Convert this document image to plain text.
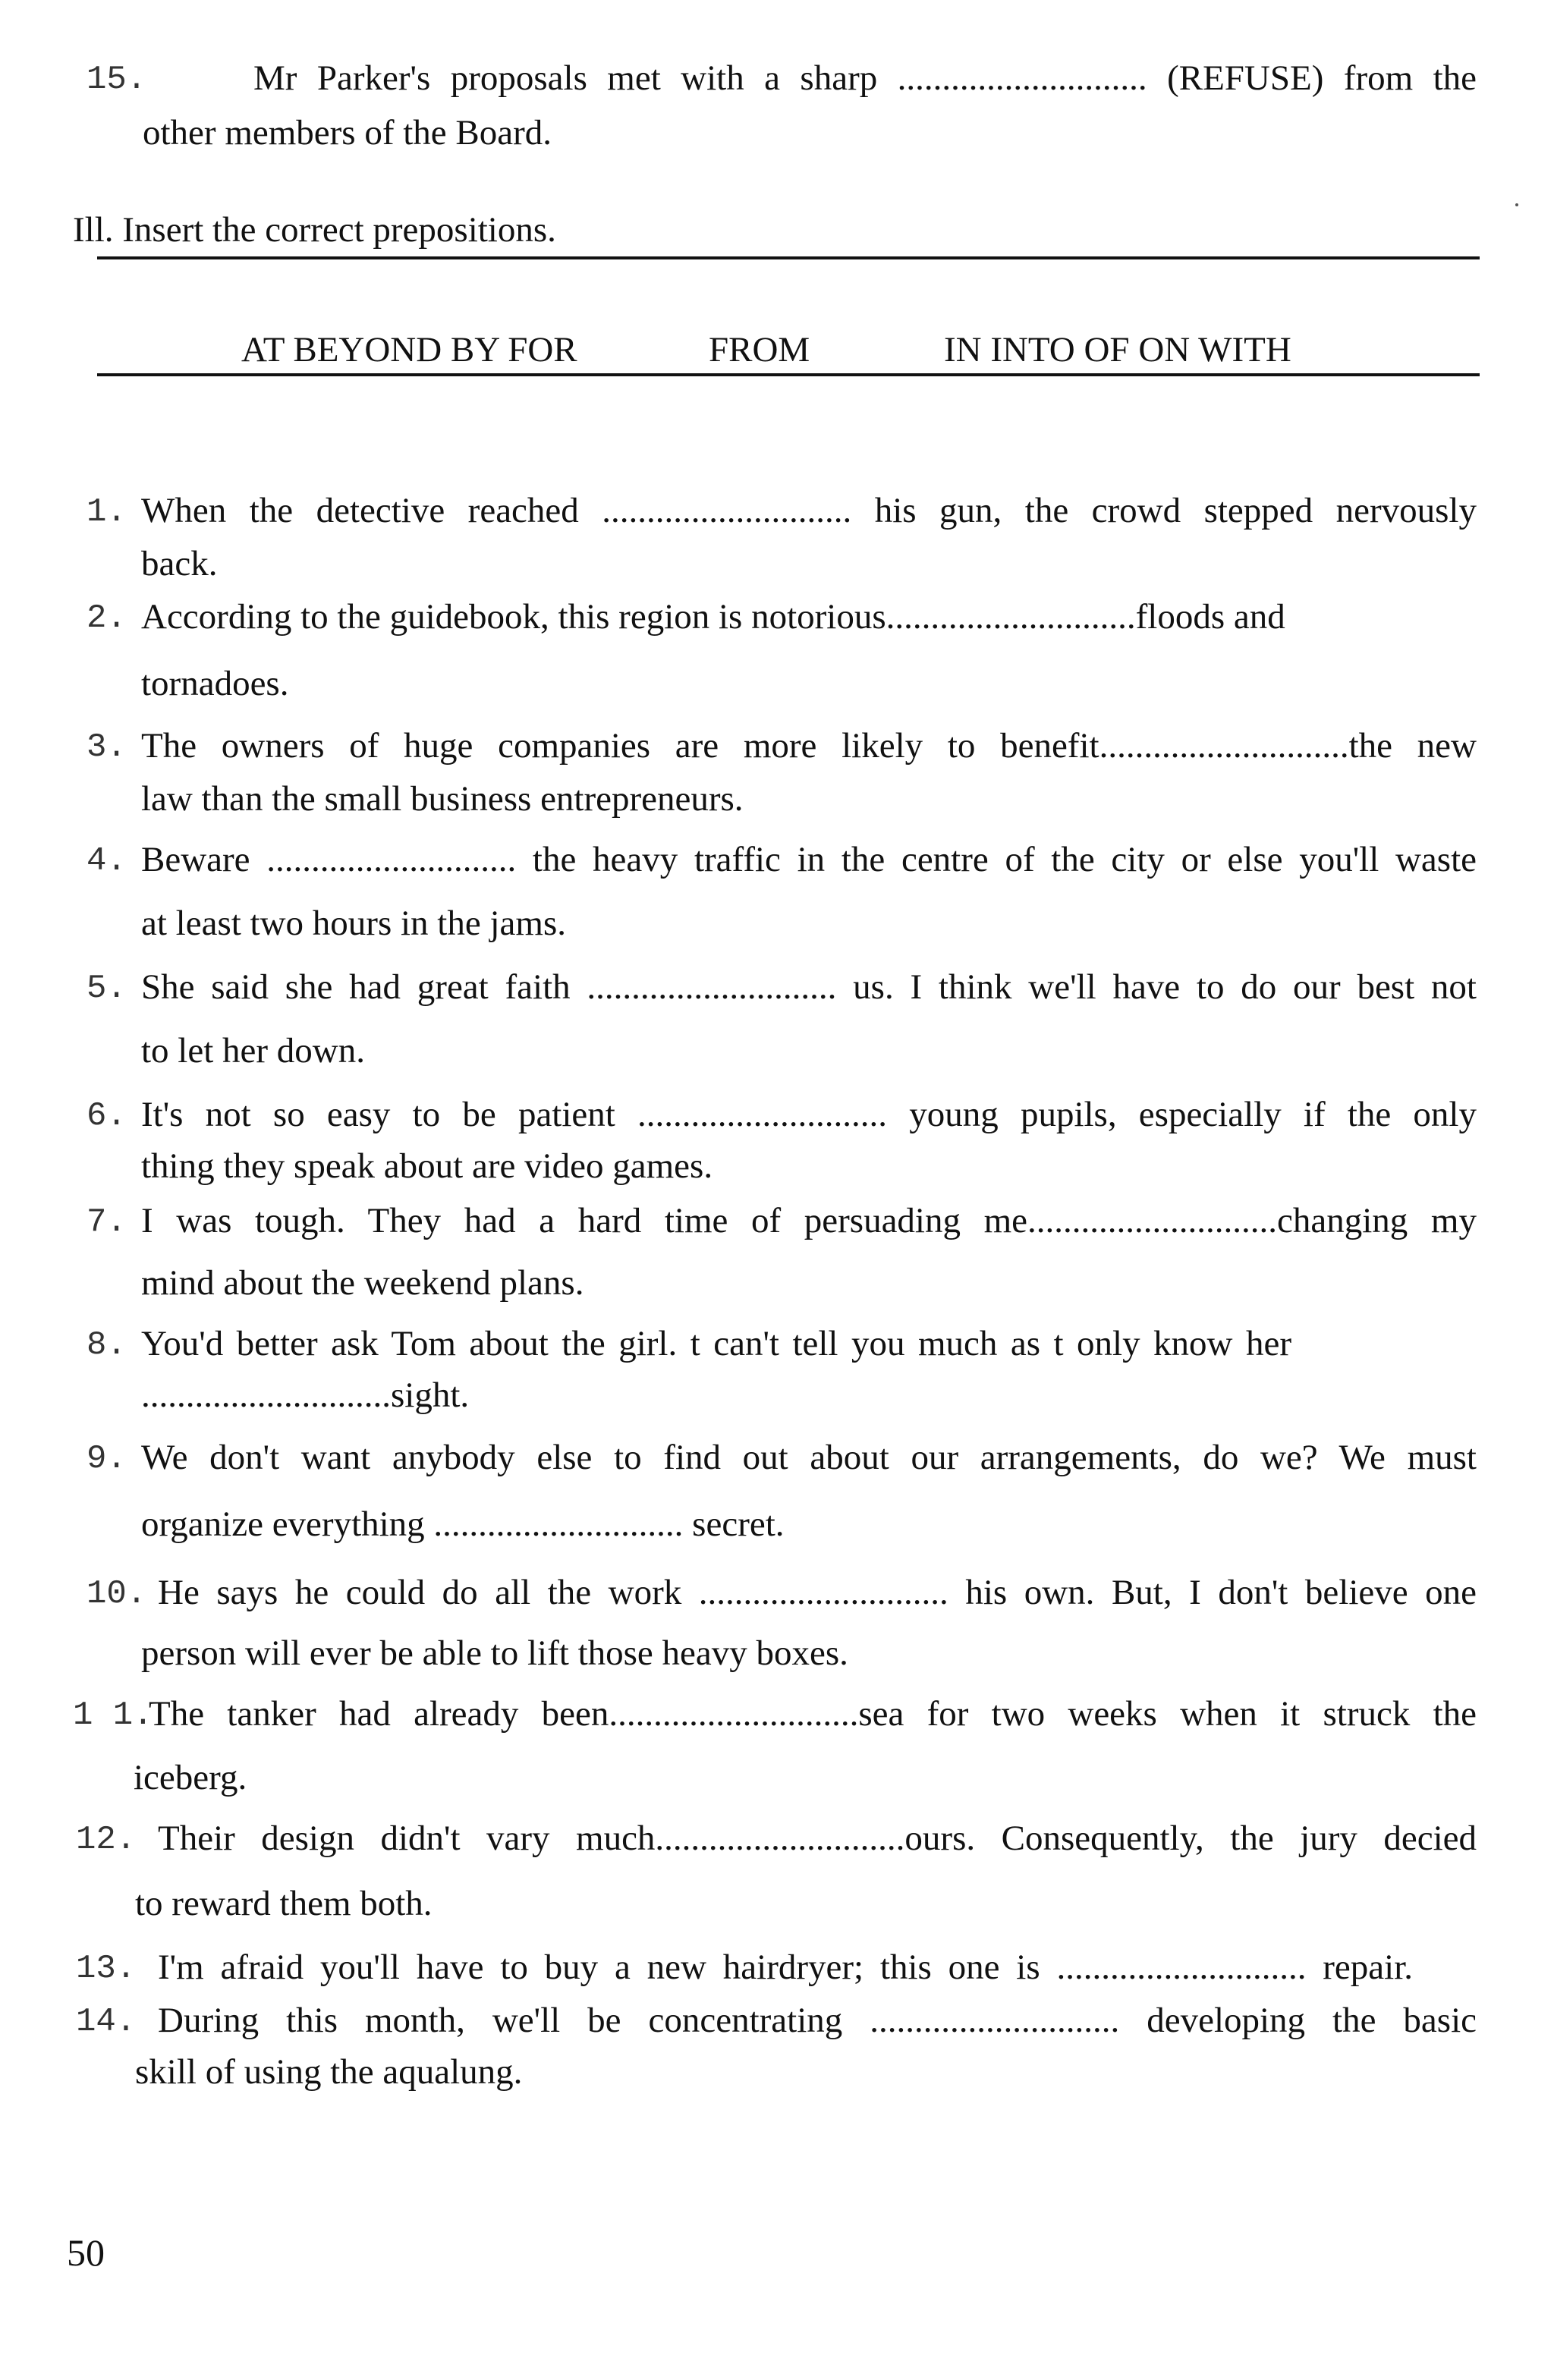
15.	Mr Parker's proposals met with a sharp ............................ (REFUSE) from the
other members of the Board.
Ill. Insert the correct prepositions.
AT BEYOND BY FOR	FROM	IN INTO OF ON WITH
1. When the detective reached ............................ his gun, the crowd stepped nervously
back.
2. According to the guidebook, this region is notorious............................floods and
tornadoes.
3. The owners of huge companies are more likely to benefit............................the new
law than the small business entrepreneurs.
4. Beware ............................ the heavy traffic in the centre of the city or else you'll waste
at least two hours in the jams.
5. She said she had great faith ............................ us. I think we'll have to do our best not
to let her down.
6. It's not so easy to be patient ............................ young pupils, especially if the only
thing they speak about are video games.
7. I was tough. They had a hard time of persuading me............................changing my
mind about the weekend plans.
8. You'd better ask Tom about the girl. t can't tell you much as t only know her
............................sight.
9. We don't want anybody else to find out about our arrangements, do we? We must
organize everything ............................ secret.
10. He says he could do all the work ............................ his own. But, I don't believe one
person will ever be able to lift those heavy boxes.
1 1.
The tanker had already been............................sea for two weeks when it struck the
iceberg.
12. Their design didn't vary much............................ours. Consequently, the jury decied
to reward them both.
13. I'm afraid you'll have to buy a new hairdryer; this one is ............................ repair.
14. During this month, we'll be concentrating ............................ developing the basic
skill of using the aqualung.
50
